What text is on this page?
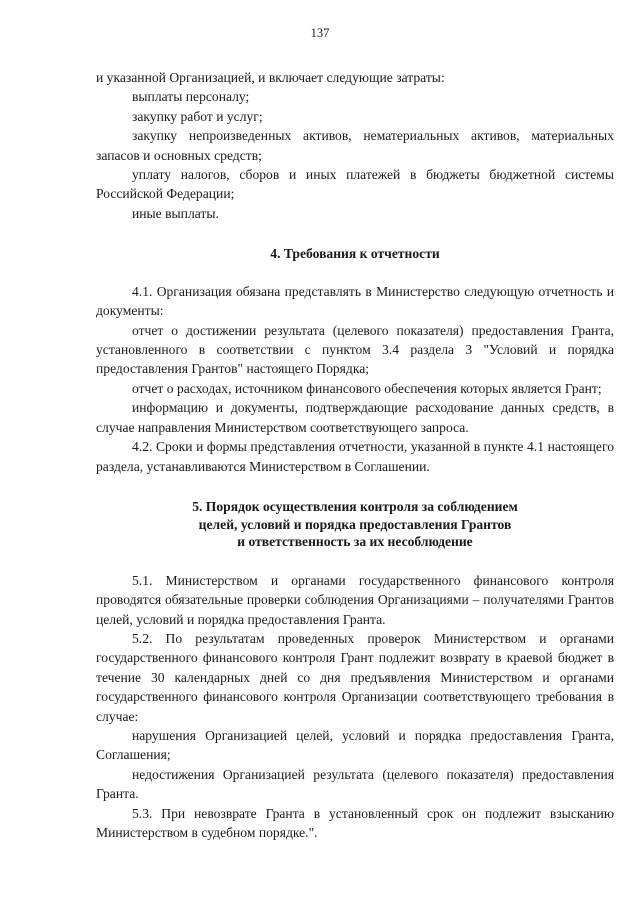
137

и указанной Организацией, и включает следующие затраты:

выплаты персоналу;

закупку работ и услуг;

закупку непроизведенных активов, нематериальных активов, материальных запасов и основных средств;

уплату налогов, сборов и иных платежей в бюджеты бюджетной системы Российской Федерации;

иные выплаты.

4. Требования к отчетности

4.1. Организация обязана представлять в Министерство следующую отчетность и документы:

отчет о достижении результата (целевого показателя) предоставления Гранта, установленного в соответствии с пунктом 3.4 раздела 3 "Условий и порядка предоставления Грантов" настоящего Порядка;

отчет о расходах, источником финансового обеспечения которых является Грант;

информацию и документы, подтверждающие расходование данных средств, в случае направления Министерством соответствующего запроса.

4.2. Сроки и формы представления отчетности, указанной в пункте 4.1 настоящего раздела, устанавливаются Министерством в Соглашении.

5. Порядок осуществления контроля за соблюдением
целей, условий и порядка предоставления Грантов
и ответственность за их несоблюдение

5.1. Министерством и органами государственного финансового контроля проводятся обязательные проверки соблюдения Организациями – получателями Грантов целей, условий и порядка предоставления Гранта.

5.2. По результатам проведенных проверок Министерством и органами государственного финансового контроля Грант подлежит возврату в краевой бюджет в течение 30 календарных дней со дня предъявления Министерством и органами государственного финансового контроля Организации соответствующего требования в случае:

нарушения Организацией целей, условий и порядка предоставления Гранта, Соглашения;

недостижения Организацией результата (целевого показателя) предоставления Гранта.

5.3. При невозврате Гранта в установленный срок он подлежит взысканию Министерством в судебном порядке.".
